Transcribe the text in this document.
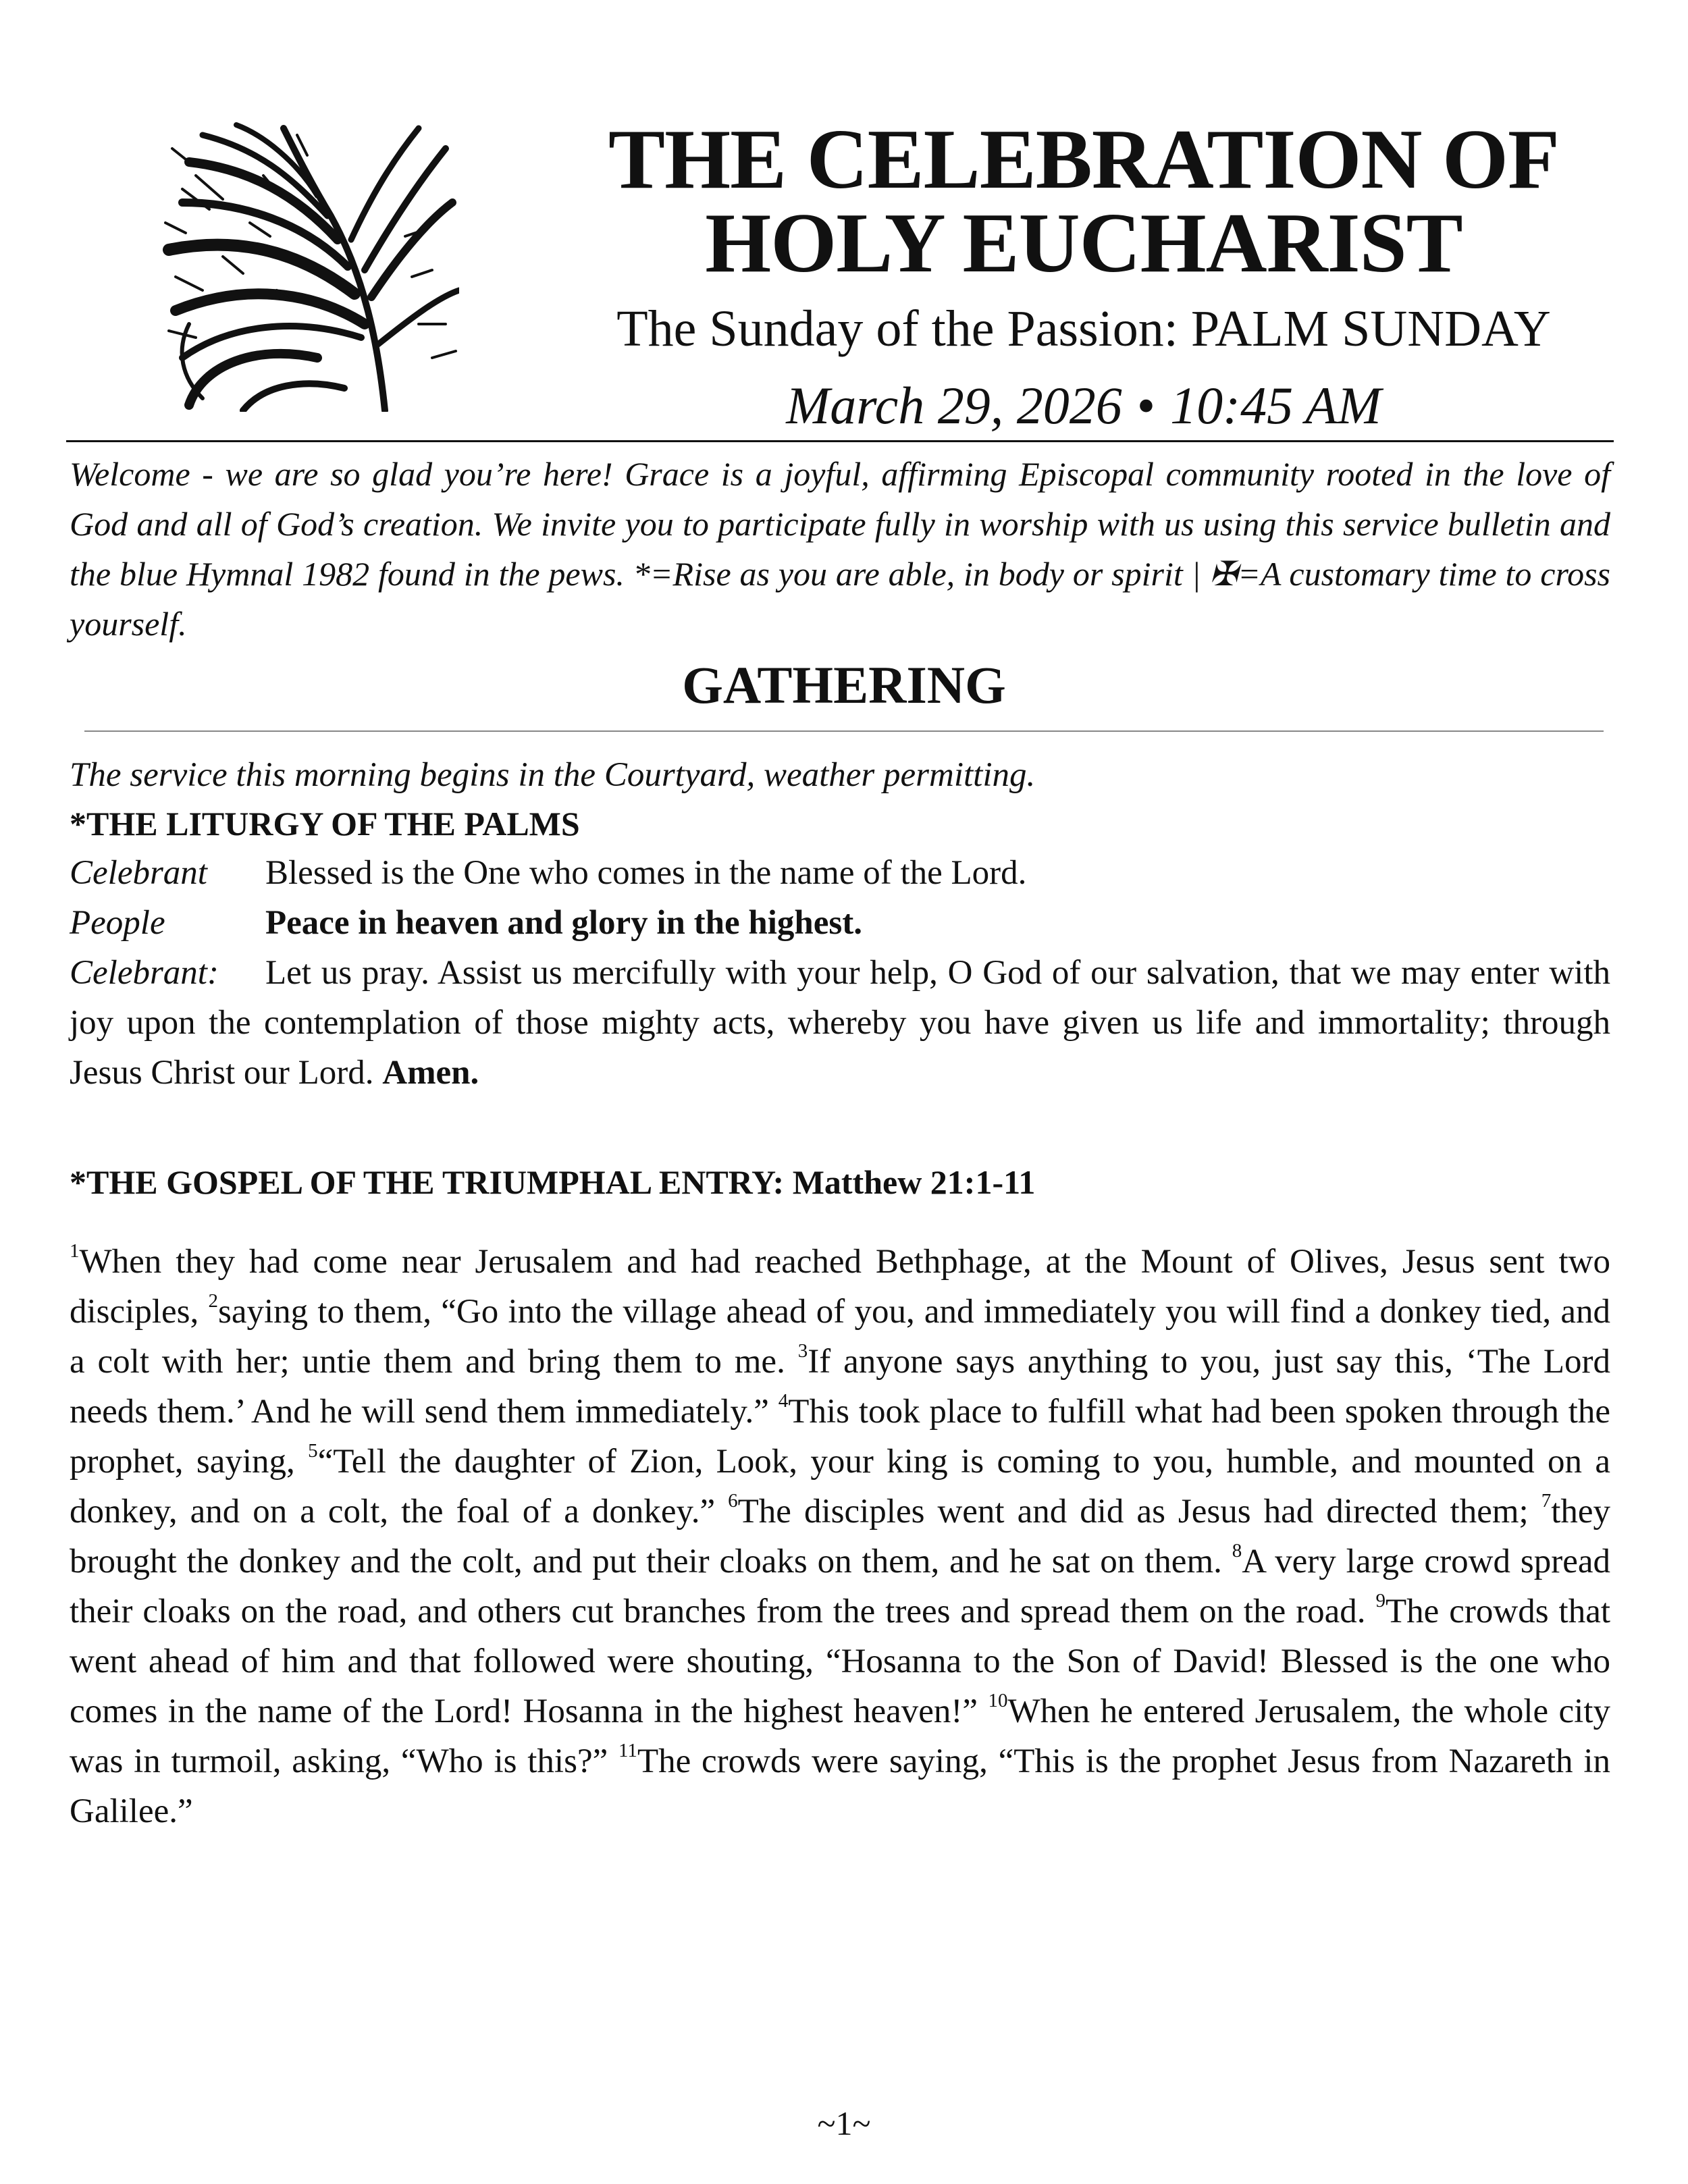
THE CELEBRATION OF
HOLY EUCHARIST
The Sunday of the Passion: PALM SUNDAY
March 29, 2026 • 10:45 AM
Welcome - we are so glad you’re here! Grace is a joyful, affirming Episcopal community rooted in the love of God and all of God’s creation. We invite you to participate fully in worship with us using this service bulletin and the blue Hymnal 1982 found in the pews. *=Rise as you are able, in body or spirit | ✠=A customary time to cross yourself.
GATHERING
The service this morning begins in the Courtyard, weather permitting.
*THE LITURGY OF THE PALMS
Celebrant Blessed is the One who comes in the name of the Lord.
People	Peace in heaven and glory in the highest.
Celebrant: Let us pray. Assist us mercifully with your help, O God of our salvation, that we may enter with joy upon the contemplation of those mighty acts, whereby you have given us life and immortality; through Jesus Christ our Lord. Amen.
*THE GOSPEL OF THE TRIUMPHAL ENTRY: Matthew 21:1-11
$^1$When they had come near Jerusalem and had reached Bethphage, at the Mount of Olives, Jesus sent two disciples, $^2$saying to them, “Go into the village ahead of you, and immediately you will find a donkey tied, and a colt with her; untie them and bring them to me. $^3$If anyone says anything to you, just say this, ‘The Lord needs them.’ And he will send them immediately.” $^4$This took place to fulfill what had been spoken through the prophet, saying, $^5$“Tell the daughter of Zion, Look, your king is coming to you, humble, and mounted on a donkey, and on a colt, the foal of a donkey.” $^6$The disciples went and did as Jesus had directed them; $^7$they brought the donkey and the colt, and put their cloaks on them, and he sat on them. $^8$A very large crowd spread their cloaks on the road, and others cut branches from the trees and spread them on the road. $^9$The crowds that went ahead of him and that followed were shouting, “Hosanna to the Son of David! Blessed is the one who comes in the name of the Lord! Hosanna in the highest heaven!” $^{10}$When he entered Jerusalem, the whole city was in turmoil, asking, “Who is this?” $^{11}$The crowds were saying, “This is the prophet Jesus from Nazareth in Galilee.”
~1~
